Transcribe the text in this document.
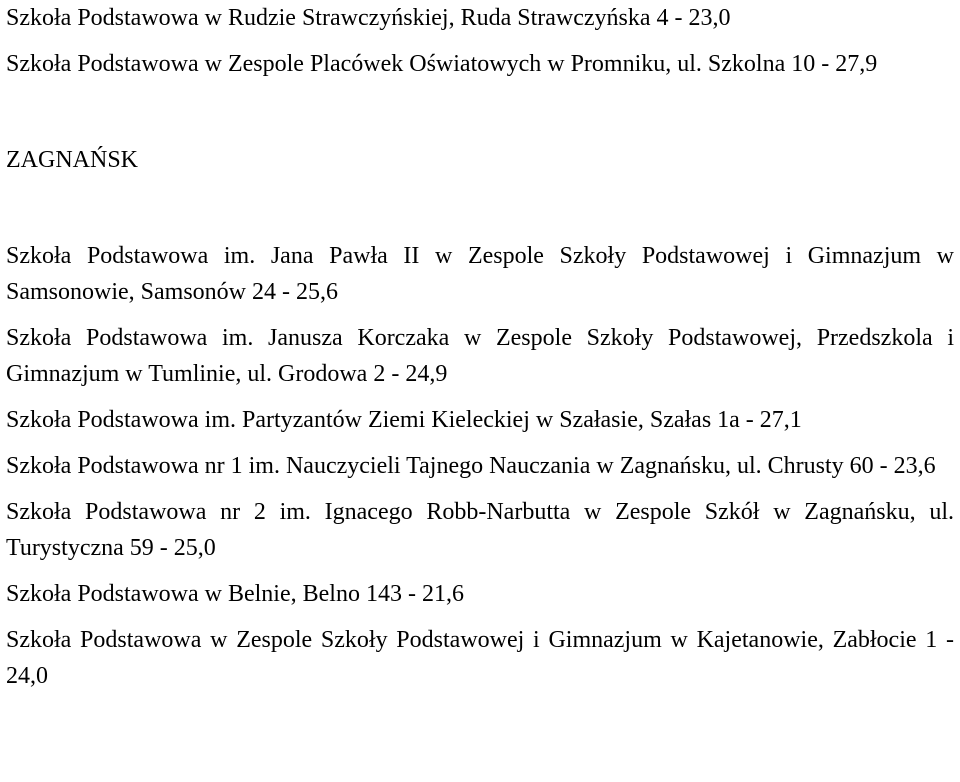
Szkoła Podstawowa w Rudzie Strawczyńskiej, Ruda Strawczyńska 4 - 23,0

Szkoła Podstawowa w Zespole Placówek Oświatowych w Promniku, ul. Szkolna 10 - 27,9

ZAGNAŃSK

Szkoła Podstawowa im. Jana Pawła II w Zespole Szkoły Podstawowej i Gimnazjum w Samsonowie, Samsonów 24 - 25,6

Szkoła Podstawowa im. Janusza Korczaka w Zespole Szkoły Podstawowej, Przedszkola i Gimnazjum w Tumlinie, ul. Grodowa 2 - 24,9

Szkoła Podstawowa im. Partyzantów Ziemi Kieleckiej w Szałasie, Szałas 1a - 27,1

Szkoła Podstawowa nr 1 im. Nauczycieli Tajnego Nauczania w Zagnańsku, ul. Chrusty 60 - 23,6

Szkoła Podstawowa nr 2 im. Ignacego Robb-Narbutta w Zespole Szkół w Zagnańsku, ul. Turystyczna 59 - 25,0

Szkoła Podstawowa w Belnie, Belno 143 - 21,6

Szkoła Podstawowa w Zespole Szkoły Podstawowej i Gimnazjum w Kajetanowie, Zabłocie 1 - 24,0
